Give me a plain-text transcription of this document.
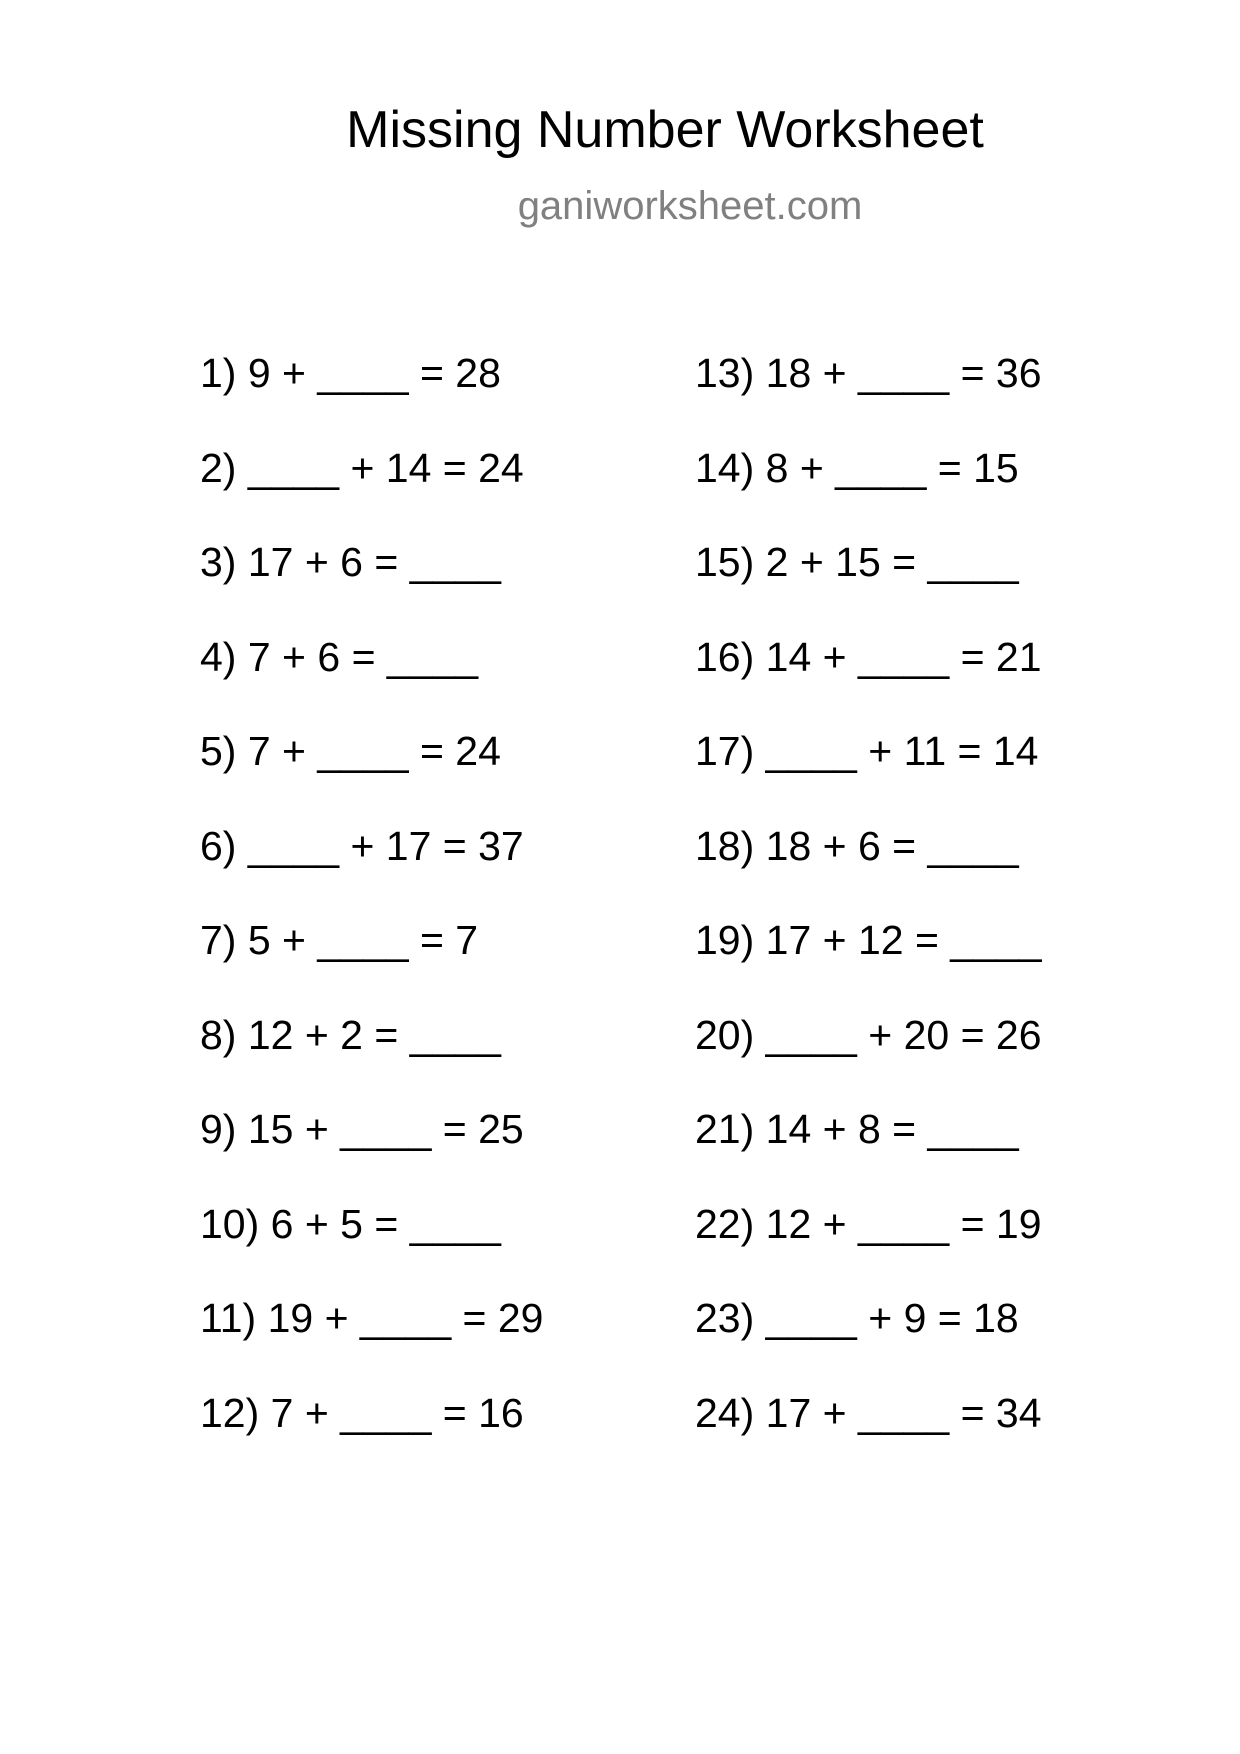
Missing Number Worksheet
ganiworksheet.com
1) 9 + ____ = 28
2) ____ + 14 = 24
3) 17 + 6 = ____
4) 7 + 6 = ____
5) 7 + ____ = 24
6) ____ + 17 = 37
7) 5 + ____ = 7
8) 12 + 2 = ____
9) 15 + ____ = 25
10) 6 + 5 = ____
11) 19 + ____ = 29
12) 7 + ____ = 16
13) 18 + ____ = 36
14) 8 + ____ = 15
15) 2 + 15 = ____
16) 14 + ____ = 21
17) ____ + 11 = 14
18) 18 + 6 = ____
19) 17 + 12 = ____
20) ____ + 20 = 26
21) 14 + 8 = ____
22) 12 + ____ = 19
23) ____ + 9 = 18
24) 17 + ____ = 34
